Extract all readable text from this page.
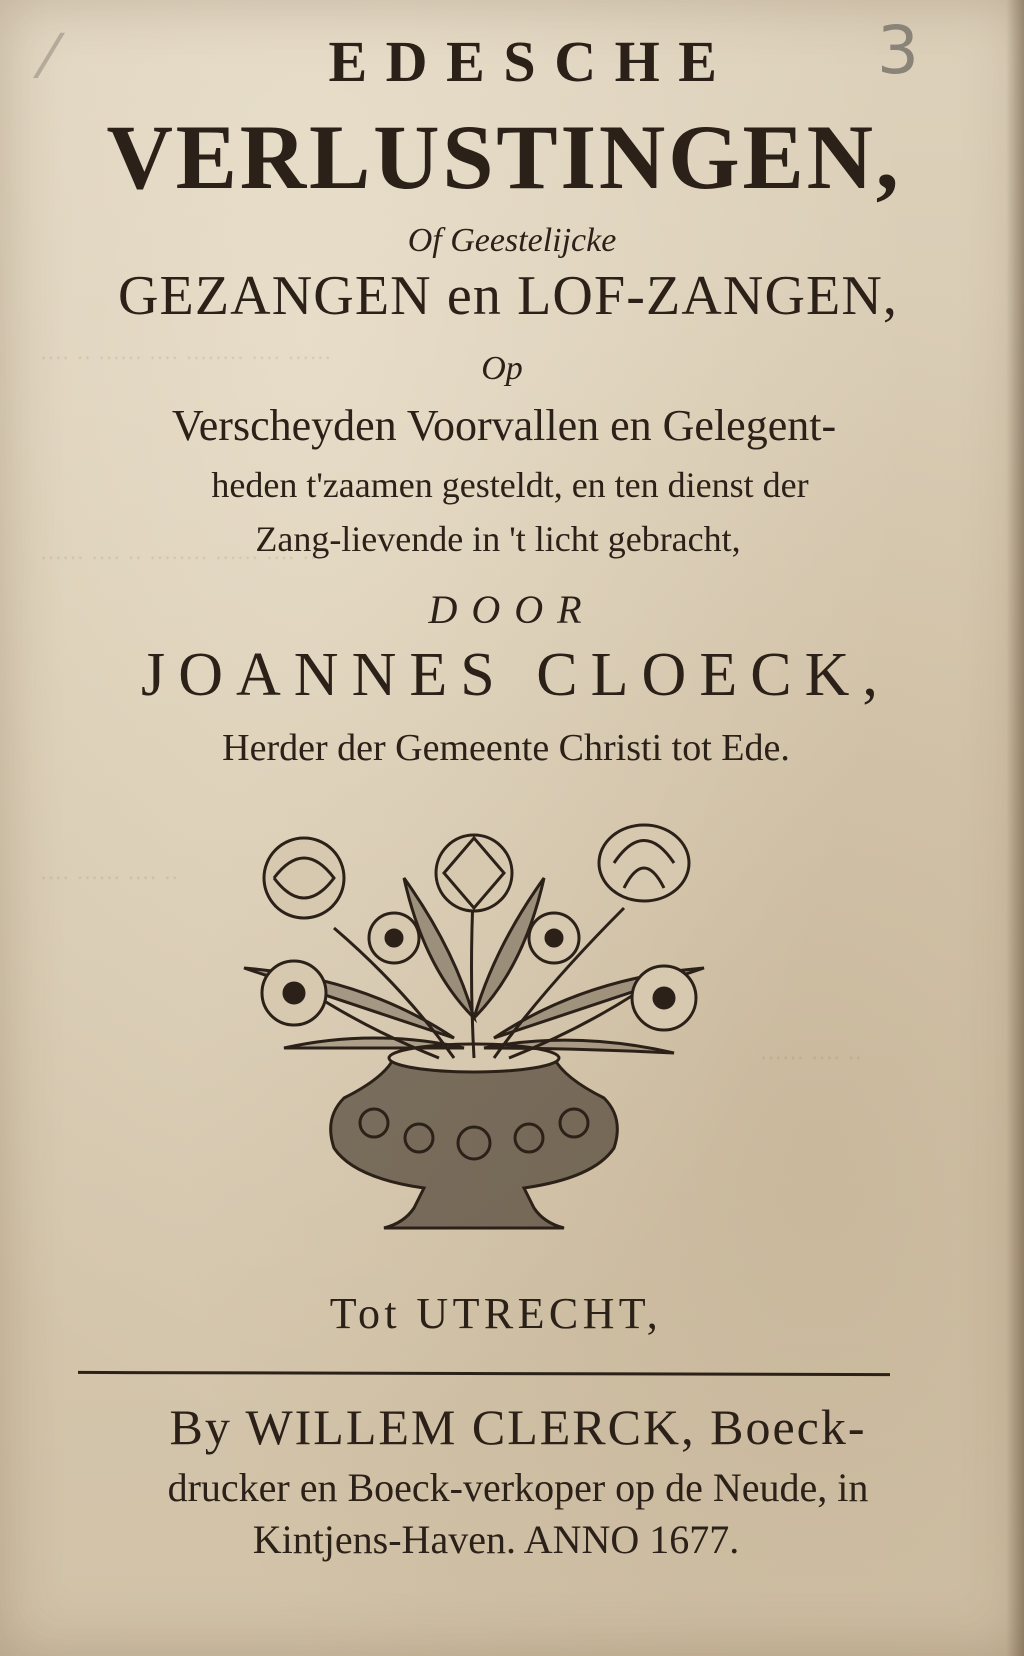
‥‥ ‥ ‥‥‥ ‥‥ ‥‥‥‥ ‥‥ ‥‥‥
‥‥‥ ‥‥ ‥ ‥‥‥‥ ‥‥‥ ‥‥ ‥
‥‥ ‥‥‥ ‥‥ ‥
‥‥‥ ‥‥ ‥
3
⁄	EDESCHE
VERLUSTINGEN,
Of Geestelijcke
GEZANGEN en LOF-ZANGEN,
Op
Verscheyden Voorvallen en Gelegent-
heden t'zaamen gesteldt, en ten dienst der
Zang-lievende in 't licht gebracht,
DOOR
JOANNES CLOECK,
Herder der Gemeente Christi tot Ede.
Tot UTRECHT,
By WILLEM CLERCK, Boeck-
drucker en Boeck-verkoper op de Neude, in
Kintjens-Haven. ANNO 1677.
